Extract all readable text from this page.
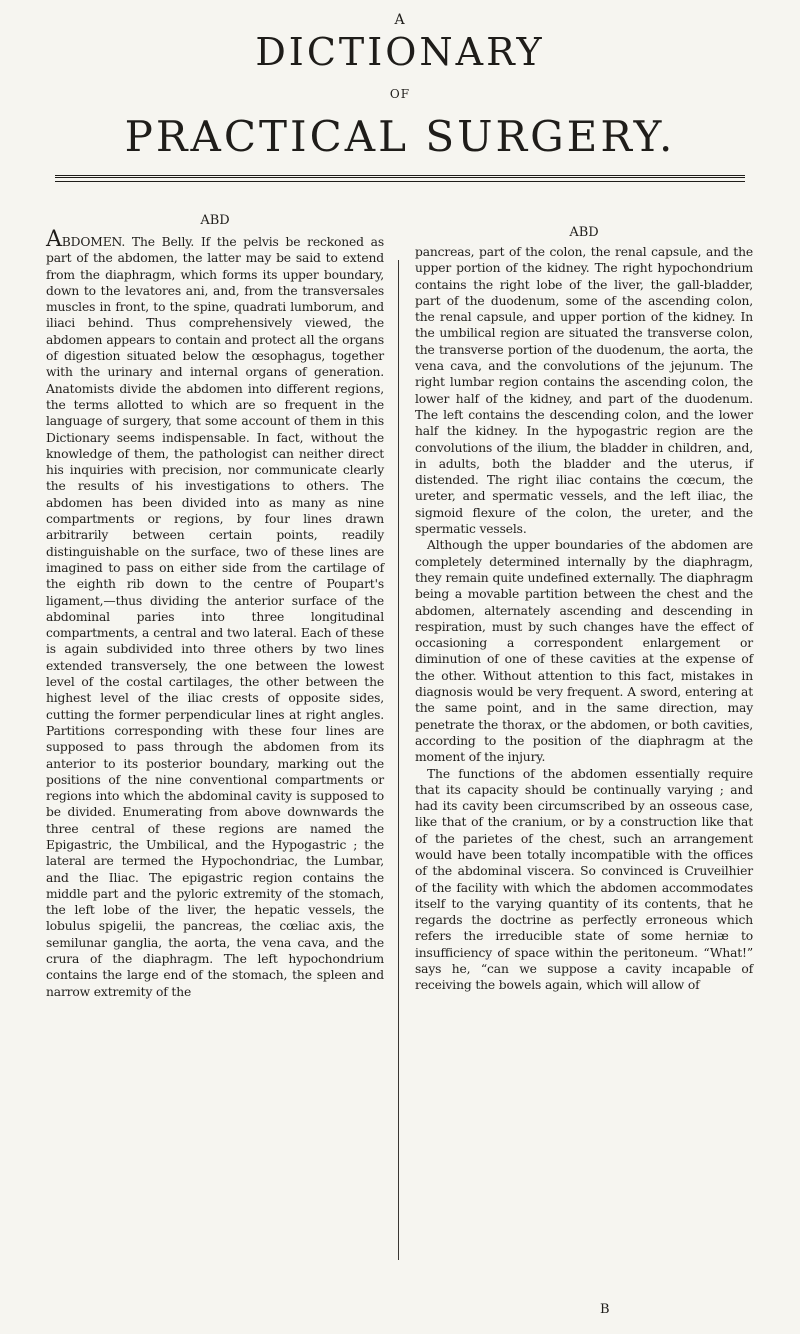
A
DICTIONARY
OF
PRACTICAL SURGERY.
ABD

ABDOMEN. The Belly. If the pelvis be reckoned as part of the abdomen, the latter may be said to extend from the diaphragm, which forms its upper boundary, down to the levatores ani, and, from the transversales muscles in front, to the spine, quadrati lumborum, and iliaci behind. Thus comprehensively viewed, the abdomen appears to contain and protect all the organs of digestion situated below the œsophagus, together with the urinary and internal organs of generation. Anatomists divide the abdomen into different regions, the terms allotted to which are so frequent in the language of surgery, that some account of them in this Dictionary seems indispensable. In fact, without the knowledge of them, the pathologist can neither direct his inquiries with precision, nor communicate clearly the results of his investigations to others. The abdomen has been divided into as many as nine compartments or regions, by four lines drawn arbitrarily between certain points, readily distinguishable on the surface, two of these lines are imagined to pass on either side from the cartilage of the eighth rib down to the centre of Poupart's ligament,—thus dividing the anterior surface of the abdominal paries into three longitudinal compartments, a central and two lateral. Each of these is again subdivided into three others by two lines extended transversely, the one between the lowest level of the costal cartilages, the other between the highest level of the iliac crests of opposite sides, cutting the former perpendicular lines at right angles. Partitions corresponding with these four lines are supposed to pass through the abdomen from its anterior to its posterior boundary, marking out the positions of the nine conventional compartments or regions into which the abdominal cavity is supposed to be divided. Enumerating from above downwards the three central of these regions are named the Epigastric, the Umbilical, and the Hypogastric ; the lateral are termed the Hypochondriac, the Lumbar, and the Iliac. The epigastric region contains the middle part and the pyloric extremity of the stomach, the left lobe of the liver, the hepatic vessels, the lobulus spigelii, the pancreas, the cœliac axis, the semilunar ganglia, the aorta, the vena cava, and the crura of the diaphragm. The left hypochondrium contains the large end of the stomach, the spleen and narrow extremity of the

ABD

pancreas, part of the colon, the renal capsule, and the upper portion of the kidney. The right hypochondrium contains the right lobe of the liver, the gall-bladder, part of the duodenum, some of the ascending colon, the renal capsule, and upper portion of the kidney. In the umbilical region are situated the transverse colon, the transverse portion of the duodenum, the aorta, the vena cava, and the convolutions of the jejunum. The right lumbar region contains the ascending colon, the lower half of the kidney, and part of the duodenum. The left contains the descending colon, and the lower half the kidney. In the hypogastric region are the convolutions of the ilium, the bladder in children, and, in adults, both the bladder and the uterus, if distended. The right iliac contains the cœcum, the ureter, and spermatic vessels, and the left iliac, the sigmoid flexure of the colon, the ureter, and the spermatic vessels.

Although the upper boundaries of the abdomen are completely determined internally by the diaphragm, they remain quite undefined externally. The diaphragm being a movable partition between the chest and the abdomen, alternately ascending and descending in respiration, must by such changes have the effect of occasioning a correspondent enlargement or diminution of one of these cavities at the expense of the other. Without attention to this fact, mistakes in diagnosis would be very frequent. A sword, entering at the same point, and in the same direction, may penetrate the thorax, or the abdomen, or both cavities, according to the position of the diaphragm at the moment of the injury.

The functions of the abdomen essentially require that its capacity should be continually varying ; and had its cavity been circumscribed by an osseous case, like that of the cranium, or by a construction like that of the parietes of the chest, such an arrangement would have been totally incompatible with the offices of the abdominal viscera. So convinced is Cruveilhier of the facility with which the abdomen accommodates itself to the varying quantity of its contents, that he regards the doctrine as perfectly erroneous which refers the irreducible state of some herniæ to insufficiency of space within the peritoneum. “What!” says he, “can we suppose a cavity incapable of receiving the bowels again, which will allow of

B
